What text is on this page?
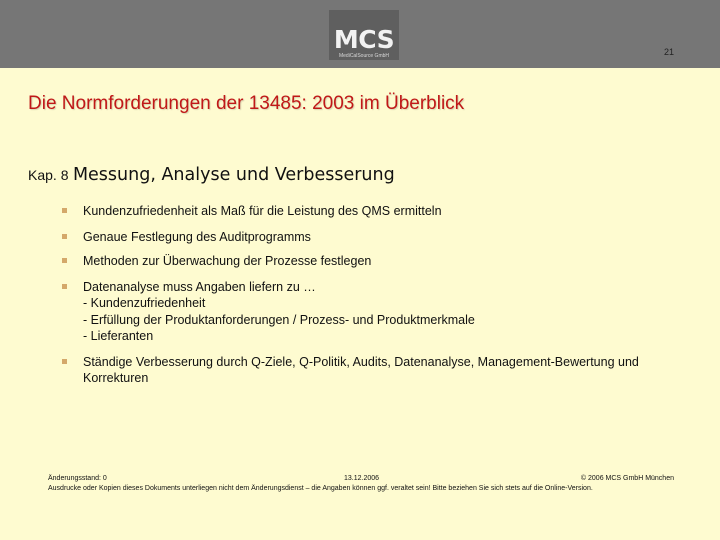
MCS
MediCalSource GmbH	21
Die Normforderungen der 13485: 2003 im Überblick
Kap. 8 Messung, Analyse und Verbesserung
Kundenzufriedenheit als Maß für die Leistung des QMS ermitteln
Genaue Festlegung des Auditprogramms
Methoden zur Überwachung der Prozesse festlegen
Datenanalyse muss Angaben liefern zu …
- Kundenzufriedenheit
- Erfüllung der Produktanforderungen / Prozess- und Produktmerkmale
- Lieferanten
Ständige Verbesserung durch Q-Ziele, Q-Politik, Audits, Datenanalyse, Management-Bewertung und Korrekturen
Änderungsstand: 0	13.12.2006	© 2006 MCS GmbH München
Ausdrucke oder Kopien dieses Dokuments unterliegen nicht dem Änderungsdienst – die Angaben können ggf. veraltet sein! Bitte beziehen Sie sich stets auf die Online-Version.
